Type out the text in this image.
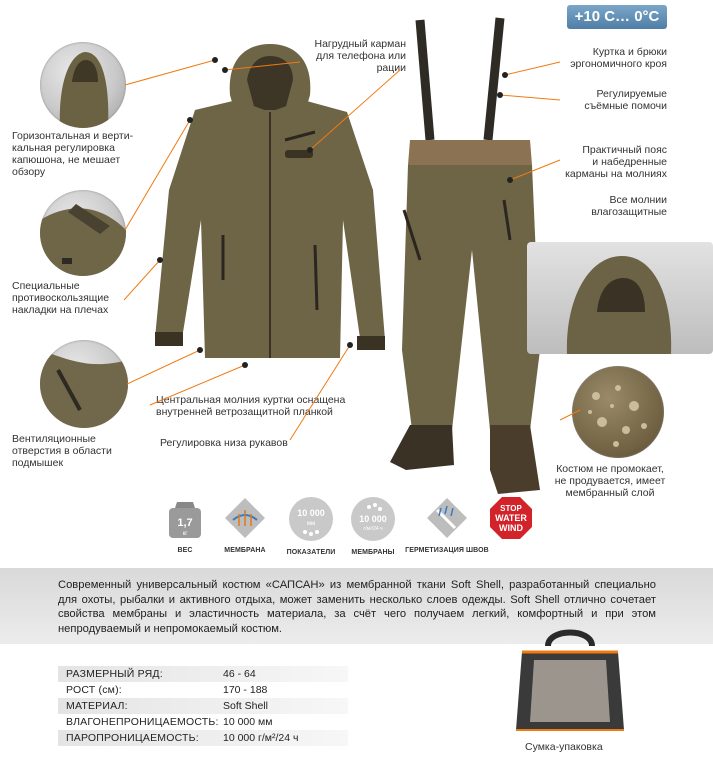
+10 С… 0°С
Горизонтальная и верти-
кальная регулировка
капюшона, не мешает
обзору
Специальные
противоскользящие
накладки на плечах
Вентиляционные
отверстия в области
подмышек
Нагрудный карман
для телефона или
рации
Центральная молния куртки оснащена
внутренней ветрозащитной планкой
Регулировка низа рукавов
Куртка и брюки
эргономичного кроя
Регулируемые
съёмные помочи
Практичный пояс
и набедренные
карманы на молниях
Все молнии
влагозащитные
Костюм не промокает,
не продувается, имеет
мембранный слой
1,7
кг
ВЕС	МЕМБРАНА
10 000
мм
ПОКАЗАТЕЛИ
10 000
г/м²/24 ч
МЕМБРАНЫ	ГЕРМЕТИЗАЦИЯ ШВОВ
STOP
WATER
WIND
Современный универсальный костюм «САПСАН» из мембранной ткани Soft Shell, разработанный специально для охоты, рыбалки и активного отдыха, может заменить несколько слоев одежды. Soft Shell отлично сочетает свойства мембраны и эластичность материала, за счёт чего получаем легкий, комфортный и при этом непродуваемый и непромокаемый костюм.
РАЗМЕРНЫЙ РЯД:	46 - 64
РОСТ (см):	170 - 188
МАТЕРИАЛ:	Soft Shell
ВЛАГОНЕПРОНИЦАЕМОСТЬ: 10 000 мм
ПАРОПРОНИЦАЕМОСТЬ:	10 000 г/м²/24 ч
Сумка-упаковка
